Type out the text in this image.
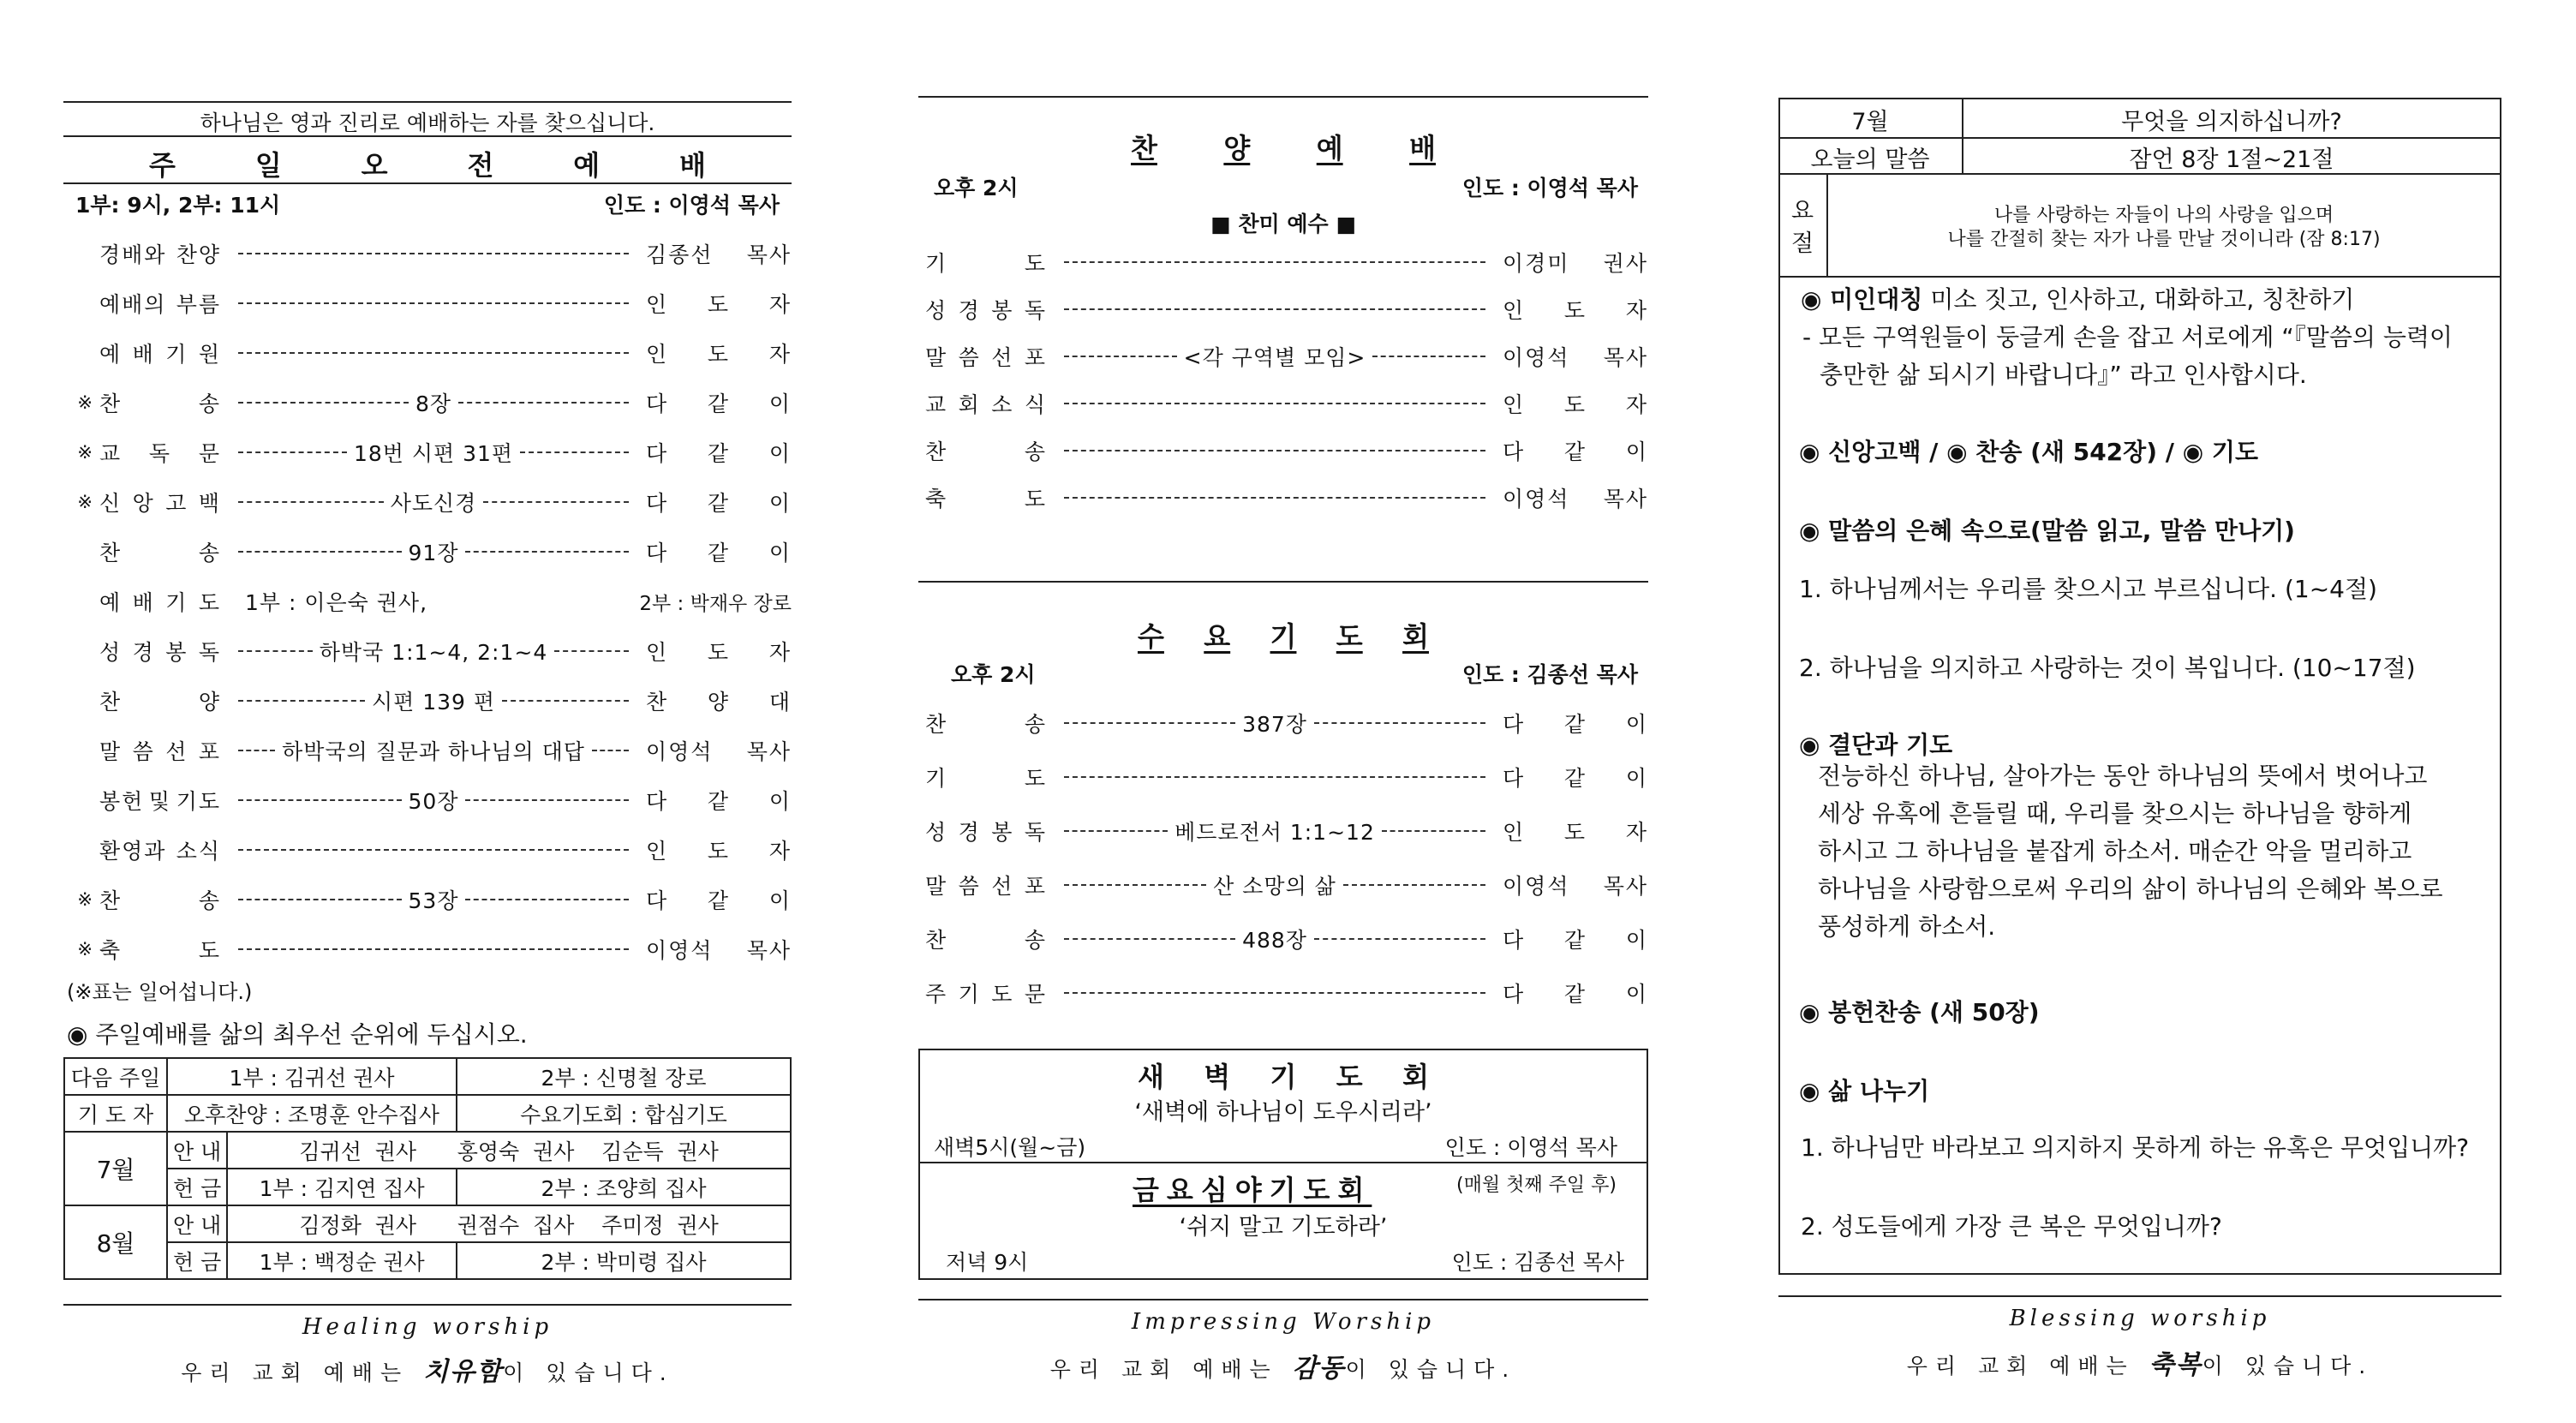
하나님은 영과 진리로 예배하는 자를 찾으십니다.
주	일	오	전	예	배
1부: 9시, 2부: 11시	인도 : 이영석 목사
경배와 찬양	김종선 목사
예배의 부름	인 도 자
예 배 기 원	인 도 자
※ 찬	송	8장	다 같 이
※ 교 독 문	18번 시편 31편	다 같 이
※ 신 앙 고 백	사도신경	다 같 이
찬	송	91장	다 같 이
예 배 기 도 1부 : 이은숙 권사,	2부 : 박재우 장로
성 경 봉 독	하박국 1:1~4, 2:1~4	인 도 자
찬	양	시편 139 편	찬 양 대
말 씀 선 포	하박국의 질문과 하나님의 대답	이영석 목사
봉헌 및 기도	50장	다 같 이
환영과 소식	인 도 자
※ 찬	송	53장	다 같 이
※ 축	도	이영석 목사
(※표는 일어섭니다.)
◉ 주일예배를 삶의 최우선 순위에 두십시오.
다음 주일	1부 : 김귀선 권사		2부 : 신명철 장로
기 도 자	오후찬양 : 조명훈 안수집사		수요기도회 : 합심기도
7월	안 내	김귀선  권사      홍영숙  권사    김순득  권사	
	헌 금	1부 : 김지연 집사	2부 : 조양희 집사
8월	안 내	김정화  권사      권점수  집사    주미정  권사	
	헌 금	1부 : 백정순 권사	2부 : 박미령 집사
Healing worship
우리 교회 예배는 치유함이 있습니다.
찬 양 예 배
오후 2시	인도 : 이영석 목사
■ 찬미 예수 ■
기	도	이경미 권사
성 경 봉 독	인 도 자
말 씀 선 포	<각 구역별 모임>	이영석 목사
교 회 소 식	인 도 자
찬	송	다 같 이
축	도	이영석 목사
수 요 기 도 회
오후 2시	인도 : 김종선 목사
찬	송	387장	다 같 이
기	도	다 같 이
성 경 봉 독	베드로전서 1:1~12	인 도 자
말 씀 선 포	산 소망의 삶	이영석 목사
찬	송	488장	다 같 이
주 기 도 문	다 같 이
새 벽 기 도 회
‘새벽에 하나님이 도우시리라’
새벽5시(월~금)	인도 : 이영석 목사
금요심야기도회	(매월 첫째 주일 후)
‘쉬지 말고 기도하라’
저녁 9시	인도 : 김종선 목사
Impressing Worship
우리 교회 예배는 감동이 있습니다.
7월	무엇을 의지하십니까?
오늘의 말씀	잠언 8장 1절~21절
요
절
나를 사랑하는 자들이 나의 사랑을 입으며
나를 간절히 찾는 자가 나를 만날 것이니라 (잠 8:17)
◉ 미인대칭 미소 짓고, 인사하고, 대화하고, 칭찬하기
- 모든 구역원들이 둥글게 손을 잡고 서로에게 “『말씀의 능력이
충만한 삶 되시기 바랍니다』” 라고 인사합시다.
◉ 신앙고백 / ◉ 찬송 (새 542장) / ◉ 기도
◉ 말씀의 은혜 속으로(말씀 읽고, 말씀 만나기)
1. 하나님께서는 우리를 찾으시고 부르십니다. (1~4절)
2. 하나님을 의지하고 사랑하는 것이 복입니다. (10~17절)
◉ 결단과 기도
전능하신 하나님, 살아가는 동안 하나님의 뜻에서 벗어나고
세상 유혹에 흔들릴 때, 우리를 찾으시는 하나님을 향하게
하시고 그 하나님을 붙잡게 하소서. 매순간 악을 멀리하고
하나님을 사랑함으로써 우리의 삶이 하나님의 은혜와 복으로
풍성하게 하소서.
◉ 봉헌찬송 (새 50장)
◉ 삶 나누기
1. 하나님만 바라보고 의지하지 못하게 하는 유혹은 무엇입니까?
2. 성도들에게 가장 큰 복은 무엇입니까?
Blessing worship
우리 교회 예배는 축복이 있습니다.
